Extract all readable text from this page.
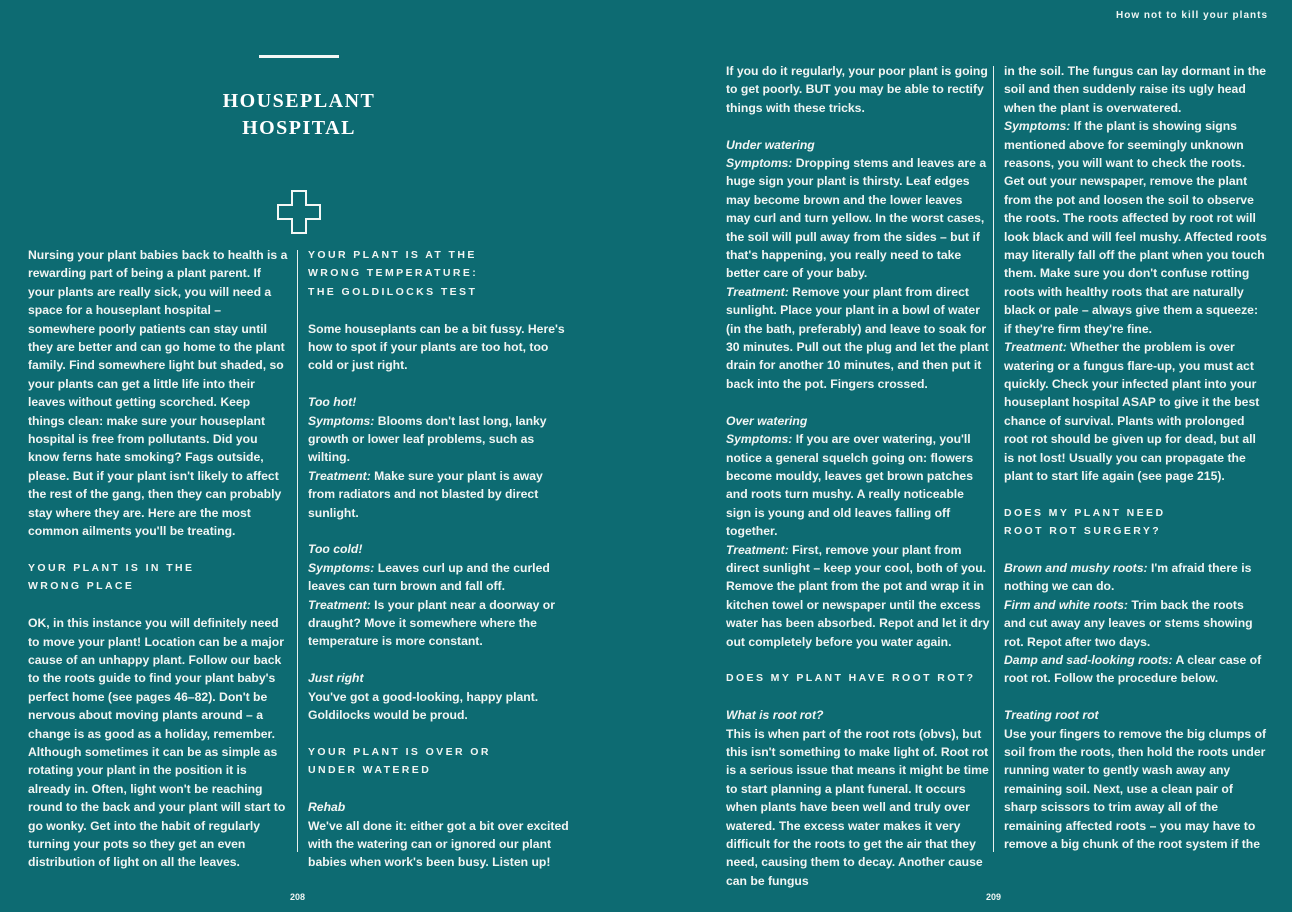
How not to kill your plants
HOUSEPLANT
HOSPITAL

Nursing your plant babies back to health is a rewarding part of being a plant parent. If your plants are really sick, you will need a space for a houseplant hospital – somewhere poorly patients can stay until they are better and can go home to the plant family. Find somewhere light but shaded, so your plants can get a little life into their leaves without getting scorched. Keep things clean: make sure your houseplant hospital is free from pollutants. Did you know ferns hate smoking? Fags outside, please. But if your plant isn't likely to affect the rest of the gang, then they can probably stay where they are. Here are the most common ailments you'll be treating.

YOUR PLANT IS IN THE
WRONG PLACE

OK, in this instance you will definitely need to move your plant! Location can be a major cause of an unhappy plant. Follow our back to the roots guide to find your plant baby's perfect home (see pages 46–82). Don't be nervous about moving plants around – a change is as good as a holiday, remember. Although sometimes it can be as simple as rotating your plant in the position it is already in. Often, light won't be reaching round to the back and your plant will start to go wonky. Get into the habit of regularly turning your pots so they get an even distribution of light on all the leaves.

YOUR PLANT IS AT THE
WRONG TEMPERATURE:
THE GOLDILOCKS TEST

Some houseplants can be a bit fussy. Here's how to spot if your plants are too hot, too cold or just right.

Too hot!

Symptoms: Blooms don't last long, lanky growth or lower leaf problems, such as wilting.

Treatment: Make sure your plant is away from radiators and not blasted by direct sunlight.

Too cold!

Symptoms: Leaves curl up and the curled leaves can turn brown and fall off.

Treatment: Is your plant near a doorway or draught? Move it somewhere where the temperature is more constant.

Just right

You've got a good-looking, happy plant. Goldilocks would be proud.

YOUR PLANT IS OVER OR
UNDER WATERED

Rehab

We've all done it: either got a bit over excited with the watering can or ignored our plant babies when work's been busy. Listen up!

208

If you do it regularly, your poor plant is going to get poorly. BUT you may be able to rectify things with these tricks.

Under watering

Symptoms: Dropping stems and leaves are a huge sign your plant is thirsty. Leaf edges may become brown and the lower leaves may curl and turn yellow. In the worst cases, the soil will pull away from the sides – but if that's happening, you really need to take better care of your baby.

Treatment: Remove your plant from direct sunlight. Place your plant in a bowl of water (in the bath, preferably) and leave to soak for 30 minutes. Pull out the plug and let the plant drain for another 10 minutes, and then put it back into the pot. Fingers crossed.

Over watering

Symptoms: If you are over watering, you'll notice a general squelch going on: flowers become mouldy, leaves get brown patches and roots turn mushy. A really noticeable sign is young and old leaves falling off together.

Treatment: First, remove your plant from direct sunlight – keep your cool, both of you. Remove the plant from the pot and wrap it in kitchen towel or newspaper until the excess water has been absorbed. Repot and let it dry out completely before you water again.

DOES MY PLANT HAVE ROOT ROT?

What is root rot?

This is when part of the root rots (obvs), but this isn't something to make light of. Root rot is a serious issue that means it might be time to start planning a plant funeral. It occurs when plants have been well and truly over watered. The excess water makes it very difficult for the roots to get the air that they need, causing them to decay. Another cause can be fungus

in the soil. The fungus can lay dormant in the soil and then suddenly raise its ugly head when the plant is overwatered.

Symptoms: If the plant is showing signs mentioned above for seemingly unknown reasons, you will want to check the roots. Get out your newspaper, remove the plant from the pot and loosen the soil to observe the roots. The roots affected by root rot will look black and will feel mushy. Affected roots may literally fall off the plant when you touch them. Make sure you don't confuse rotting roots with healthy roots that are naturally black or pale – always give them a squeeze: if they're firm they're fine.

Treatment: Whether the problem is over watering or a fungus flare-up, you must act quickly. Check your infected plant into your houseplant hospital ASAP to give it the best chance of survival. Plants with prolonged root rot should be given up for dead, but all is not lost! Usually you can propagate the plant to start life again (see page 215).

DOES MY PLANT NEED
ROOT ROT SURGERY?

Brown and mushy roots: I'm afraid there is nothing we can do.

Firm and white roots: Trim back the roots and cut away any leaves or stems showing rot. Repot after two days.

Damp and sad-looking roots: A clear case of root rot. Follow the procedure below.

Treating root rot

Use your fingers to remove the big clumps of soil from the roots, then hold the roots under running water to gently wash away any remaining soil. Next, use a clean pair of sharp scissors to trim away all of the remaining affected roots – you may have to remove a big chunk of the root system if the

209
